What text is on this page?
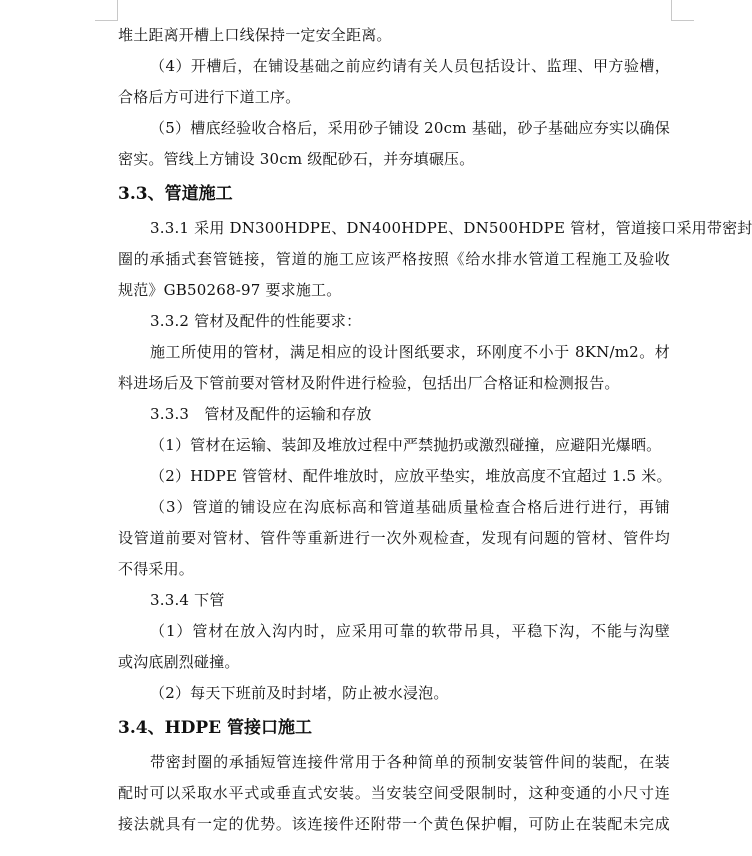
堆土距离开槽上口线保持一定安全距离。
（4）开槽后，在铺设基础之前应约请有关人员包括设计、监理、甲方验槽，
合格后方可进行下道工序。
（5）槽底经验收合格后，采用砂子铺设 20cm 基础，砂子基础应夯实以确保
密实。管线上方铺设 30cm 级配砂石，并夯填碾压。
3.3、管道施工
3.3.1 采用 DN300HDPE、DN400HDPE、DN500HDPE 管材，管道接口采用带密封
圈的承插式套管链接，管道的施工应该严格按照《给水排水管道工程施工及验收
规范》GB50268-97 要求施工。
3.3.2 管材及配件的性能要求：
施工所使用的管材，满足相应的设计图纸要求，环刚度不小于 8KN/m2。材
料进场后及下管前要对管材及附件进行检验，包括出厂合格证和检测报告。
3.3.3　管材及配件的运输和存放
（1）管材在运输、装卸及堆放过程中严禁抛扔或激烈碰撞，应避阳光爆晒。
（2）HDPE 管管材、配件堆放时，应放平垫实，堆放高度不宜超过 1.5 米。
（3）管道的铺设应在沟底标高和管道基础质量检查合格后进行进行，再铺
设管道前要对管材、管件等重新进行一次外观检查，发现有问题的管材、管件均
不得采用。
3.3.4 下管
（1）管材在放入沟内时，应采用可靠的软带吊具，平稳下沟，不能与沟壁
或沟底剧烈碰撞。
（2）每天下班前及时封堵，防止被水浸泡。
3.4、HDPE 管接口施工
带密封圈的承插短管连接件常用于各种简单的预制安装管件间的装配，在装
配时可以采取水平式或垂直式安装。当安装空间受限制时，这种变通的小尺寸连
接法就具有一定的优势。该连接件还附带一个黄色保护帽，可防止在装配未完成
